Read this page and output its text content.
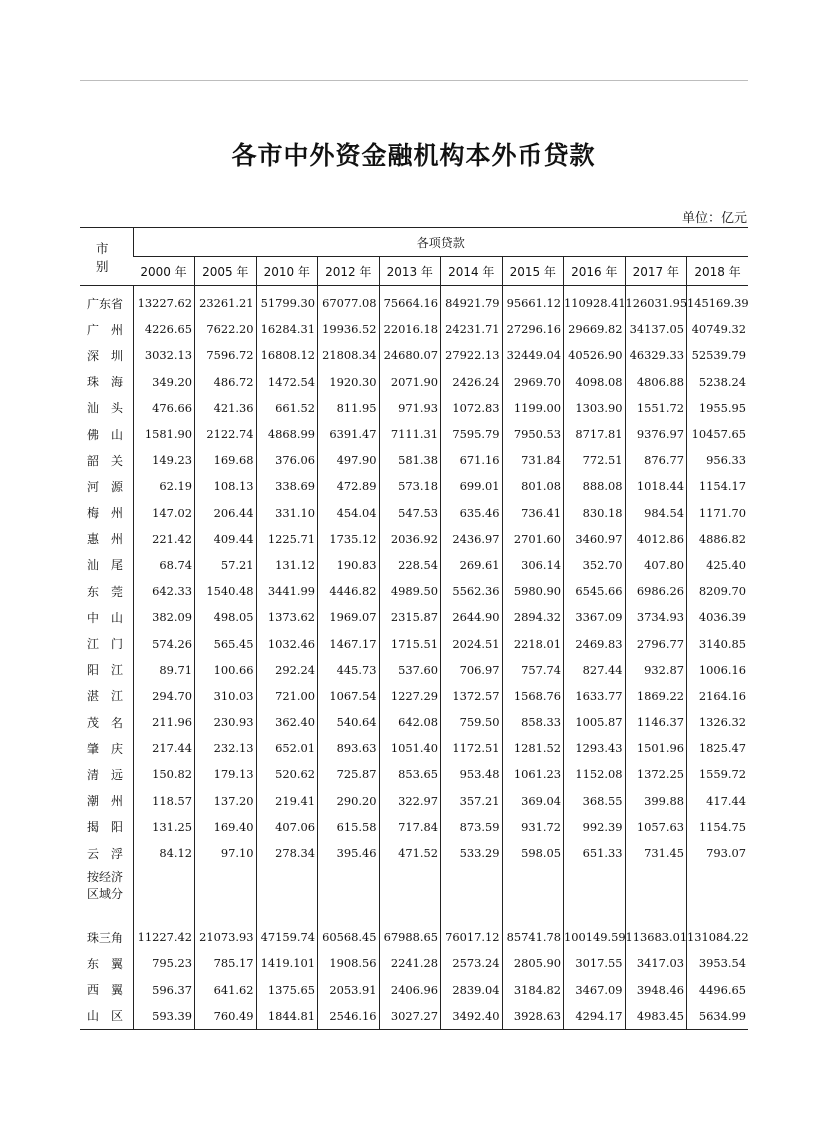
各市中外资金融机构本外币贷款
单位：亿元
市　别	各项贷款									
	2000 年	2005 年	2010 年	2012 年	2013 年	2014 年	2015 年	2016 年	2017 年	2018 年
广东省	13227.62	23261.21	51799.30	67077.08	75664.16	84921.79	95661.12	110928.41	126031.95	145169.39
广　州	4226.65	7622.20	16284.31	19936.52	22016.18	24231.71	27296.16	29669.82	34137.05	40749.32
深　圳	3032.13	7596.72	16808.12	21808.34	24680.07	27922.13	32449.04	40526.90	46329.33	52539.79
珠　海	349.20	486.72	1472.54	1920.30	2071.90	2426.24	2969.70	4098.08	4806.88	5238.24
汕　头	476.66	421.36	661.52	811.95	971.93	1072.83	1199.00	1303.90	1551.72	1955.95
佛　山	1581.90	2122.74	4868.99	6391.47	7111.31	7595.79	7950.53	8717.81	9376.97	10457.65
韶　关	149.23	169.68	376.06	497.90	581.38	671.16	731.84	772.51	876.77	956.33
河　源	62.19	108.13	338.69	472.89	573.18	699.01	801.08	888.08	1018.44	1154.17
梅　州	147.02	206.44	331.10	454.04	547.53	635.46	736.41	830.18	984.54	1171.70
惠　州	221.42	409.44	1225.71	1735.12	2036.92	2436.97	2701.60	3460.97	4012.86	4886.82
汕　尾	68.74	57.21	131.12	190.83	228.54	269.61	306.14	352.70	407.80	425.40
东　莞	642.33	1540.48	3441.99	4446.82	4989.50	5562.36	5980.90	6545.66	6986.26	8209.70
中　山	382.09	498.05	1373.62	1969.07	2315.87	2644.90	2894.32	3367.09	3734.93	4036.39
江　门	574.26	565.45	1032.46	1467.17	1715.51	2024.51	2218.01	2469.83	2796.77	3140.85
阳　江	89.71	100.66	292.24	445.73	537.60	706.97	757.74	827.44	932.87	1006.16
湛　江	294.70	310.03	721.00	1067.54	1227.29	1372.57	1568.76	1633.77	1869.22	2164.16
茂　名	211.96	230.93	362.40	540.64	642.08	759.50	858.33	1005.87	1146.37	1326.32
肇　庆	217.44	232.13	652.01	893.63	1051.40	1172.51	1281.52	1293.43	1501.96	1825.47
清　远	150.82	179.13	520.62	725.87	853.65	953.48	1061.23	1152.08	1372.25	1559.72
潮　州	118.57	137.20	219.41	290.20	322.97	357.21	369.04	368.55	399.88	417.44
揭　阳	131.25	169.40	407.06	615.58	717.84	873.59	931.72	992.39	1057.63	1154.75
云　浮	84.12	97.10	278.34	395.46	471.52	533.29	598.05	651.33	731.45	793.07

按经济
区域分										

珠三角	11227.42	21073.93	47159.74	60568.45	67988.65	76017.12	85741.78	100149.59	113683.01	131084.22
东　翼	795.23	785.17	1419.101	1908.56	2241.28	2573.24	2805.90	3017.55	3417.03	3953.54
西　翼	596.37	641.62	1375.65	2053.91	2406.96	2839.04	3184.82	3467.09	3948.46	4496.65
山　区	593.39	760.49	1844.81	2546.16	3027.27	3492.40	3928.63	4294.17	4983.45	5634.99
